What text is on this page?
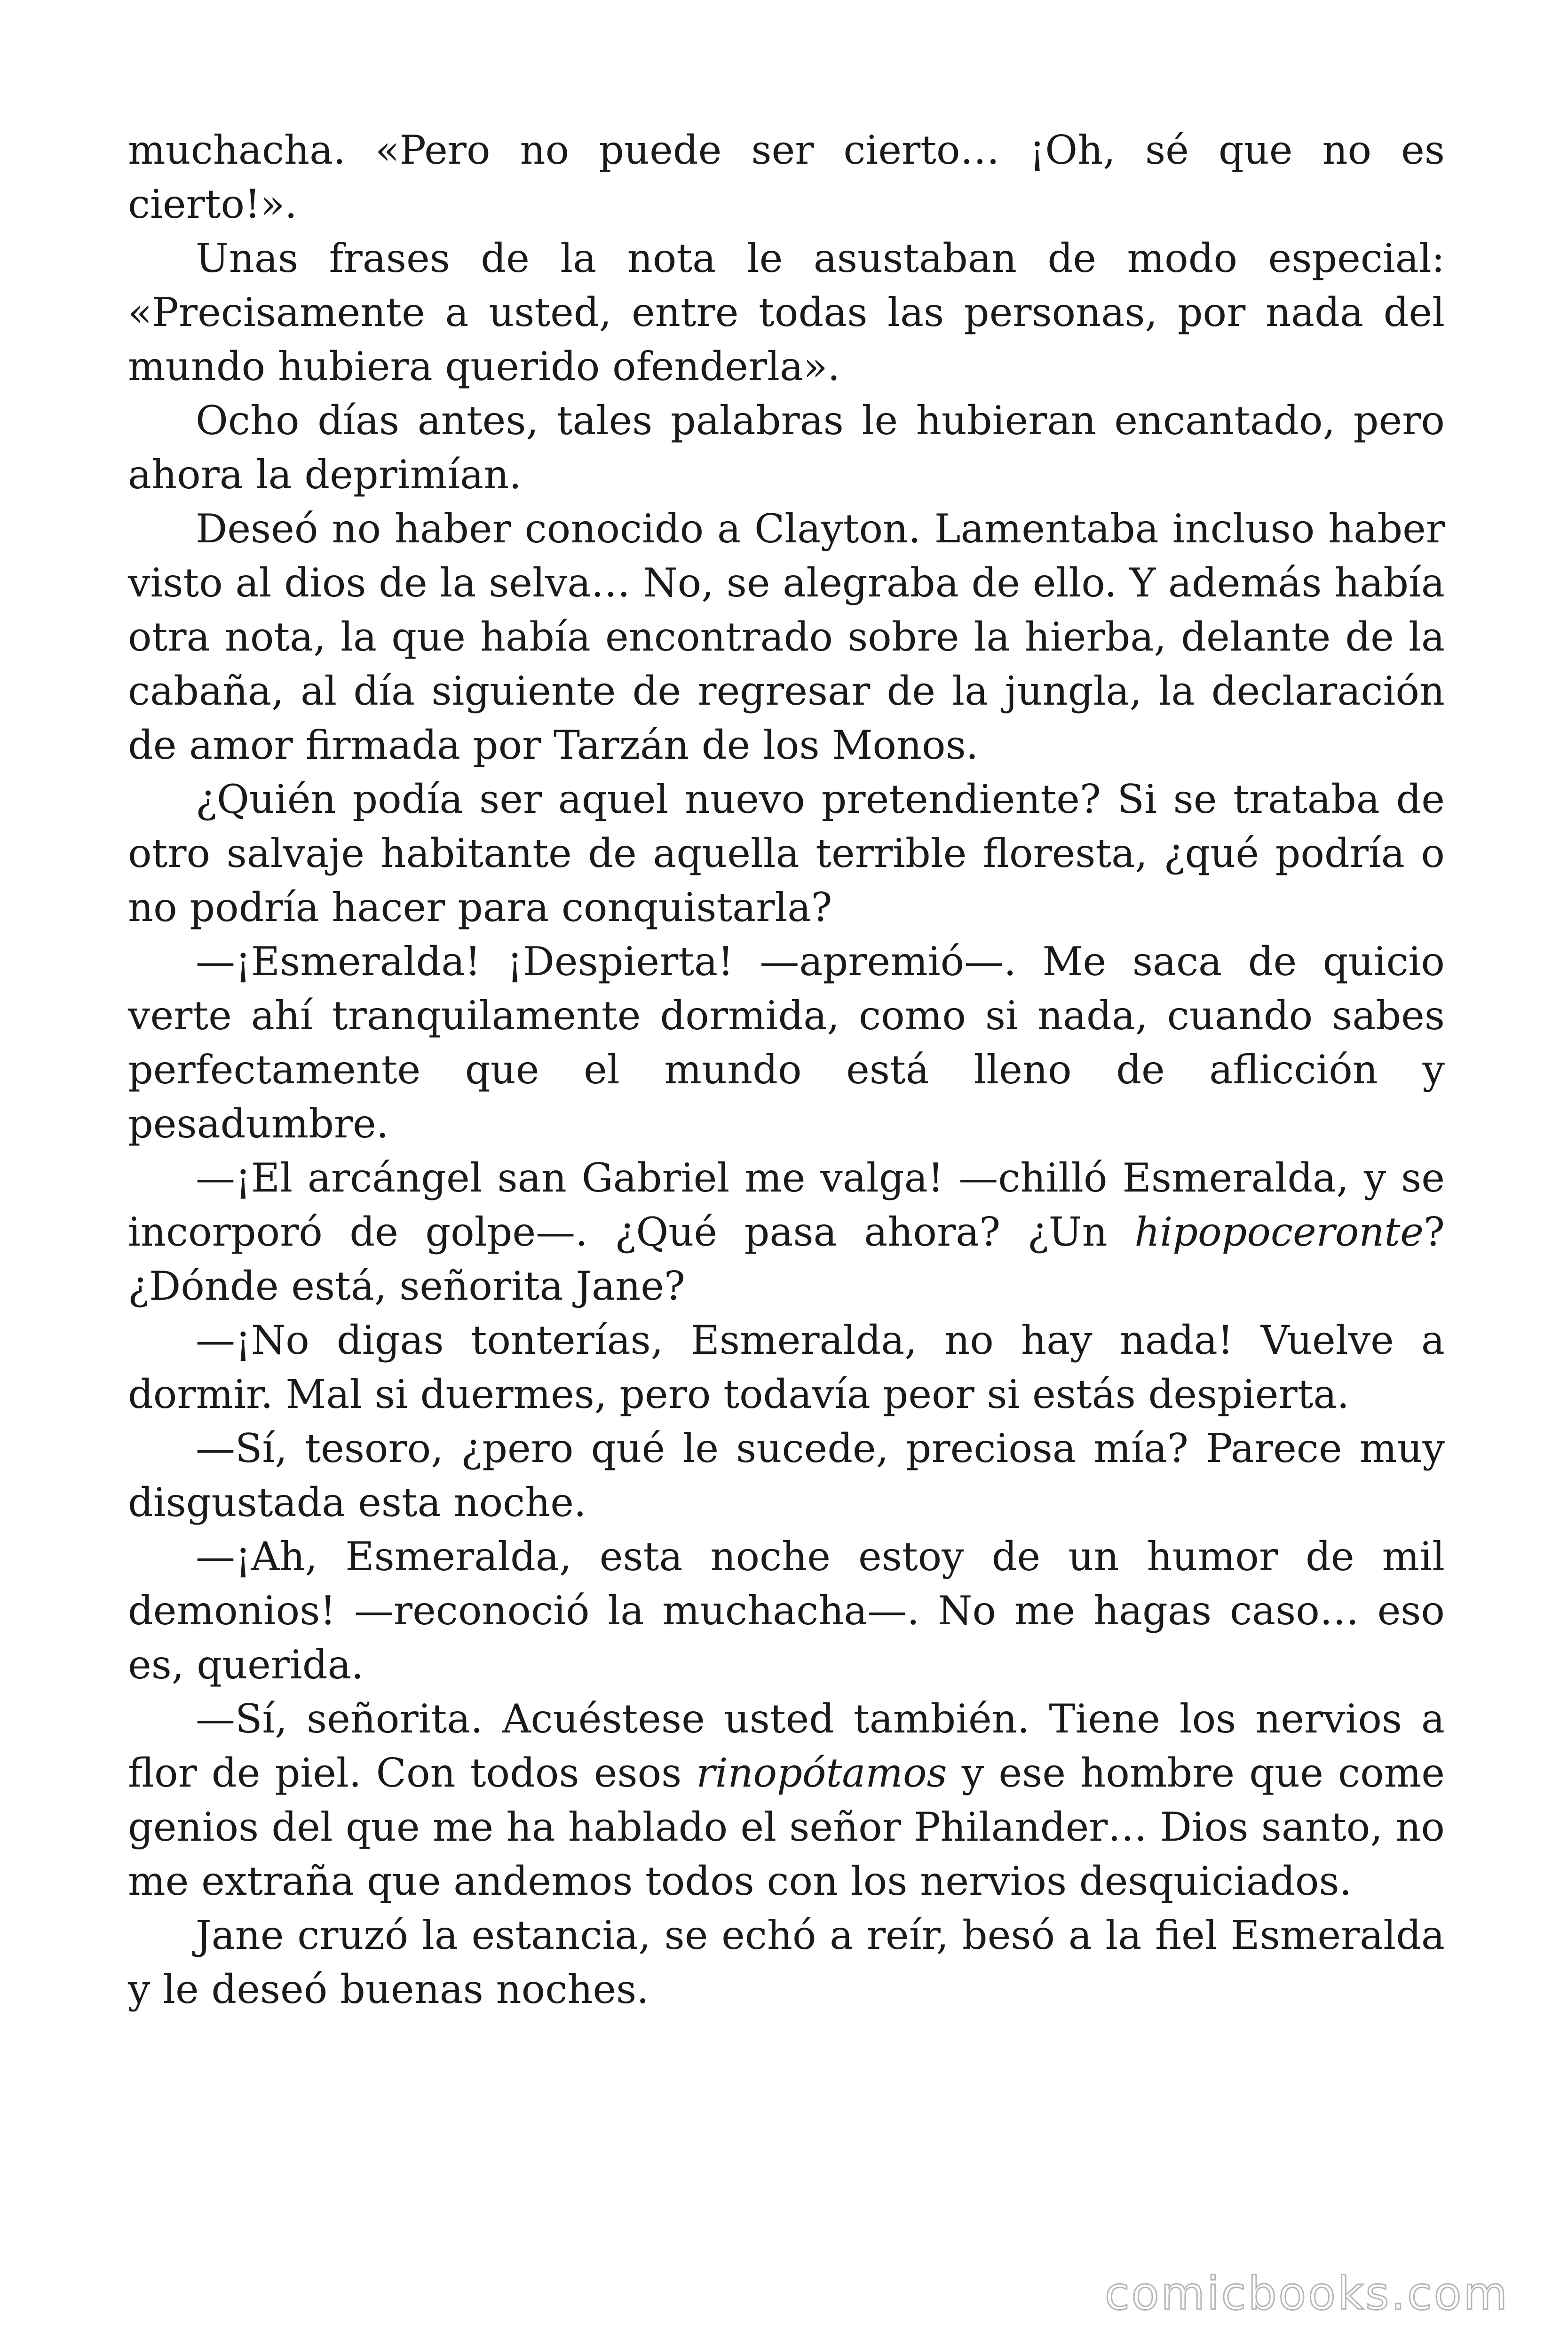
muchacha. «Pero no puede ser cierto… ¡Oh, sé que no es cierto!».

Unas frases de la nota le asustaban de modo especial: «Precisamente a usted, entre todas las personas, por nada del mundo hubiera querido ofenderla».

Ocho días antes, tales palabras le hubieran encantado, pero ahora la deprimían.

Deseó no haber conocido a Clayton. Lamentaba incluso haber visto al dios de la selva… No, se alegraba de ello. Y además había otra nota, la que había encontrado sobre la hierba, delante de la cabaña, al día siguiente de regresar de la jungla, la declaración de amor firmada por Tarzán de los Monos.

¿Quién podía ser aquel nuevo pretendiente? Si se trataba de otro salvaje habitante de aquella terrible floresta, ¿qué podría o no podría hacer para conquistarla?

—¡Esmeralda! ¡Despierta! —apremió—. Me saca de quicio verte ahí tranquilamente dormida, como si nada, cuando sabes perfectamente que el mundo está lleno de aflicción y pesadumbre.

—¡El arcángel san Gabriel me valga! —chilló Esmeralda, y se incorporó de golpe—. ¿Qué pasa ahora? ¿Un hipopoceronte? ¿Dónde está, señorita Jane?

—¡No digas tonterías, Esmeralda, no hay nada! Vuelve a dormir. Mal si duermes, pero todavía peor si estás despierta.

—Sí, tesoro, ¿pero qué le sucede, preciosa mía? Parece muy disgustada esta noche.

—¡Ah, Esmeralda, esta noche estoy de un humor de mil demonios! —reconoció la muchacha—. No me hagas caso… eso es, querida.

—Sí, señorita. Acuéstese usted también. Tiene los nervios a flor de piel. Con todos esos rinopótamos y ese hombre que come genios del que me ha hablado el señor Philander… Dios santo, no me extraña que andemos todos con los nervios desquiciados.

Jane cruzó la estancia, se echó a reír, besó a la fiel Esmeralda y le deseó buenas noches.

comicbooks.com
